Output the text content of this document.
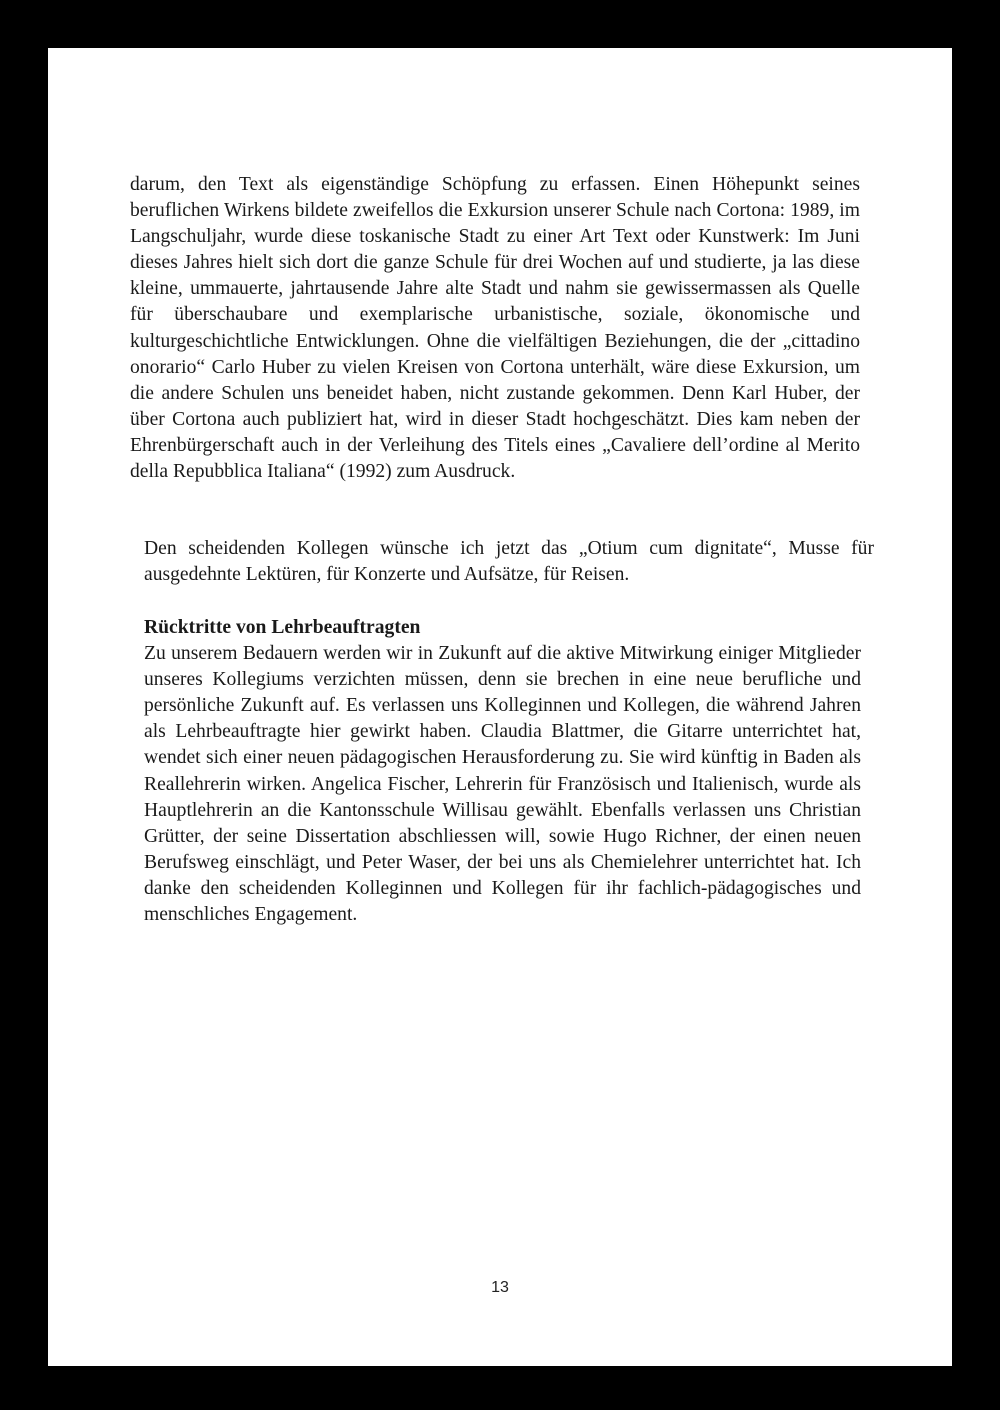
darum, den Text als eigenständige Schöpfung zu erfassen. Einen Höhepunkt seines beruflichen Wirkens bildete zweifellos die Exkursion unserer Schule nach Cortona: 1989, im Langschuljahr, wurde diese toskanische Stadt zu einer Art Text oder Kunstwerk: Im Juni dieses Jahres hielt sich dort die ganze Schule für drei Wochen auf und studierte, ja las diese kleine, ummauerte, jahrtausende Jahre alte Stadt und nahm sie gewissermassen als Quelle für überschaubare und exemplarische urbanistische, soziale, ökonomische und kulturgeschichtliche Entwicklungen. Ohne die vielfältigen Beziehungen, die der „cittadino onorario“ Carlo Huber zu vielen Kreisen von Cortona unterhält, wäre diese Exkursion, um die andere Schulen uns beneidet haben, nicht zustande gekommen. Denn Karl Huber, der über Cortona auch publiziert hat, wird in dieser Stadt hochgeschätzt. Dies kam neben der Ehrenbürgerschaft auch in der Verleihung des Titels eines „Cavaliere dell’ordine al Merito della Repubblica Italiana“ (1992) zum Ausdruck.

Den scheidenden Kollegen wünsche ich jetzt das „Otium cum dignitate“, Musse für ausgedehnte Lektüren, für Konzerte und Aufsätze, für Reisen.

Rücktritte von Lehrbeauftragten

Zu unserem Bedauern werden wir in Zukunft auf die aktive Mitwirkung einiger Mitglieder unseres Kollegiums verzichten müssen, denn sie brechen in eine neue berufliche und persönliche Zukunft auf. Es verlassen uns Kolleginnen und Kollegen, die während Jahren als Lehrbeauftragte hier gewirkt haben. Claudia Blattmer, die Gitarre unterrichtet hat, wendet sich einer neuen pädagogischen Herausforderung zu. Sie wird künftig in Baden als Reallehrerin wirken. Angelica Fischer, Lehrerin für Französisch und Italienisch, wurde als Hauptlehrerin an die Kantonsschule Willisau gewählt. Ebenfalls verlassen uns Christian Grütter, der seine Dissertation abschliessen will, sowie Hugo Richner, der einen neuen Berufsweg einschlägt, und Peter Waser, der bei uns als Chemielehrer unterrichtet hat. Ich danke den scheidenden Kolleginnen und Kollegen für ihr fachlich-pädagogisches und menschliches Engagement.

13
